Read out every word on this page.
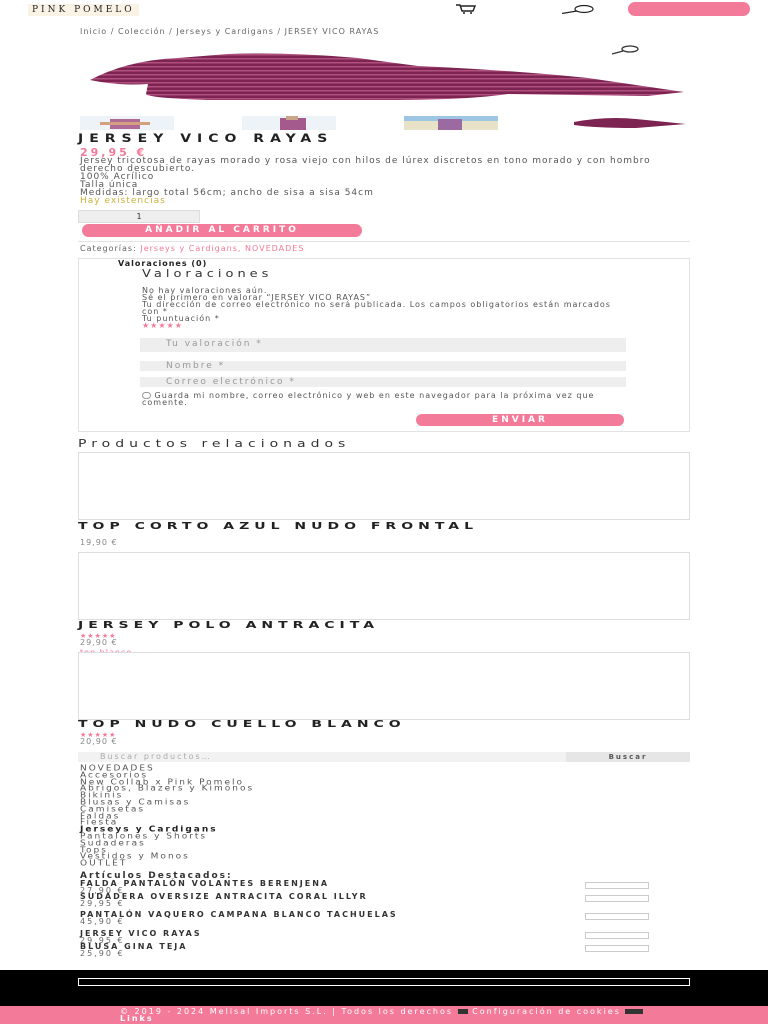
PINK POMELO
Inicio / Colección / Jerseys y Cardigans / JERSEY VICO RAYAS
JERSEY VICO RAYAS
29,95 €
Jersey tricotosa de rayas morado y rosa viejo con hilos de lúrex discretos en tono morado y con hombro derecho descubierto.
100% Acrílico
Talla única
Medidas: largo total 56cm; ancho de sisa a sisa 54cm
Hay existencias
1
AÑADIR AL CARRITO
Categorías: Jerseys y Cardigans, NOVEDADES
Valoraciones (0)
Valoraciones
No hay valoraciones aún.
Sé el primero en valorar “JERSEY VICO RAYAS”
Tu dirección de correo electrónico no será publicada. Los campos obligatorios están marcados con *
Tu puntuación *
★★★★★
Tu valoración *
Nombre *
Correo electrónico *
Guarda mi nombre, correo electrónico y web en este navegador para la próxima vez que comente.
ENVIAR
Productos relacionados
TOP CORTO AZUL NUDO FRONTAL
19,90 €
JERSEY POLO ANTRACITA
★★★★★
29,90 €
TOP NUDO CUELLO BLANCO
★★★★★
20,90 €
Buscar productos…	Buscar
NOVEDADES
Accesorios
New Collab x Pink Pomelo
Abrigos, Blazers y Kimonos
Bikinis
Blusas y Camisas
Camisetas
Faldas
Fiesta
Jerseys y Cardigans
Pantalones y Shorts
Sudaderas
Tops
Vestidos y Monos
OUTLET
Artículos Destacados:
FALDA PANTALÓN VOLANTES BERENJENA
27,90 €
SUDADERA OVERSIZE ANTRACITA CORAL ILLYR
29,95 €
PANTALÓN VAQUERO CAMPANA BLANCO TACHUELAS
45,90 €
JERSEY VICO RAYAS
29,95 €
BLUSA GINA TEJA
25,90 €
© 2019 - 2024 Melisal Imports S.L. | Todos los derechos Configuración de cookies  Links
